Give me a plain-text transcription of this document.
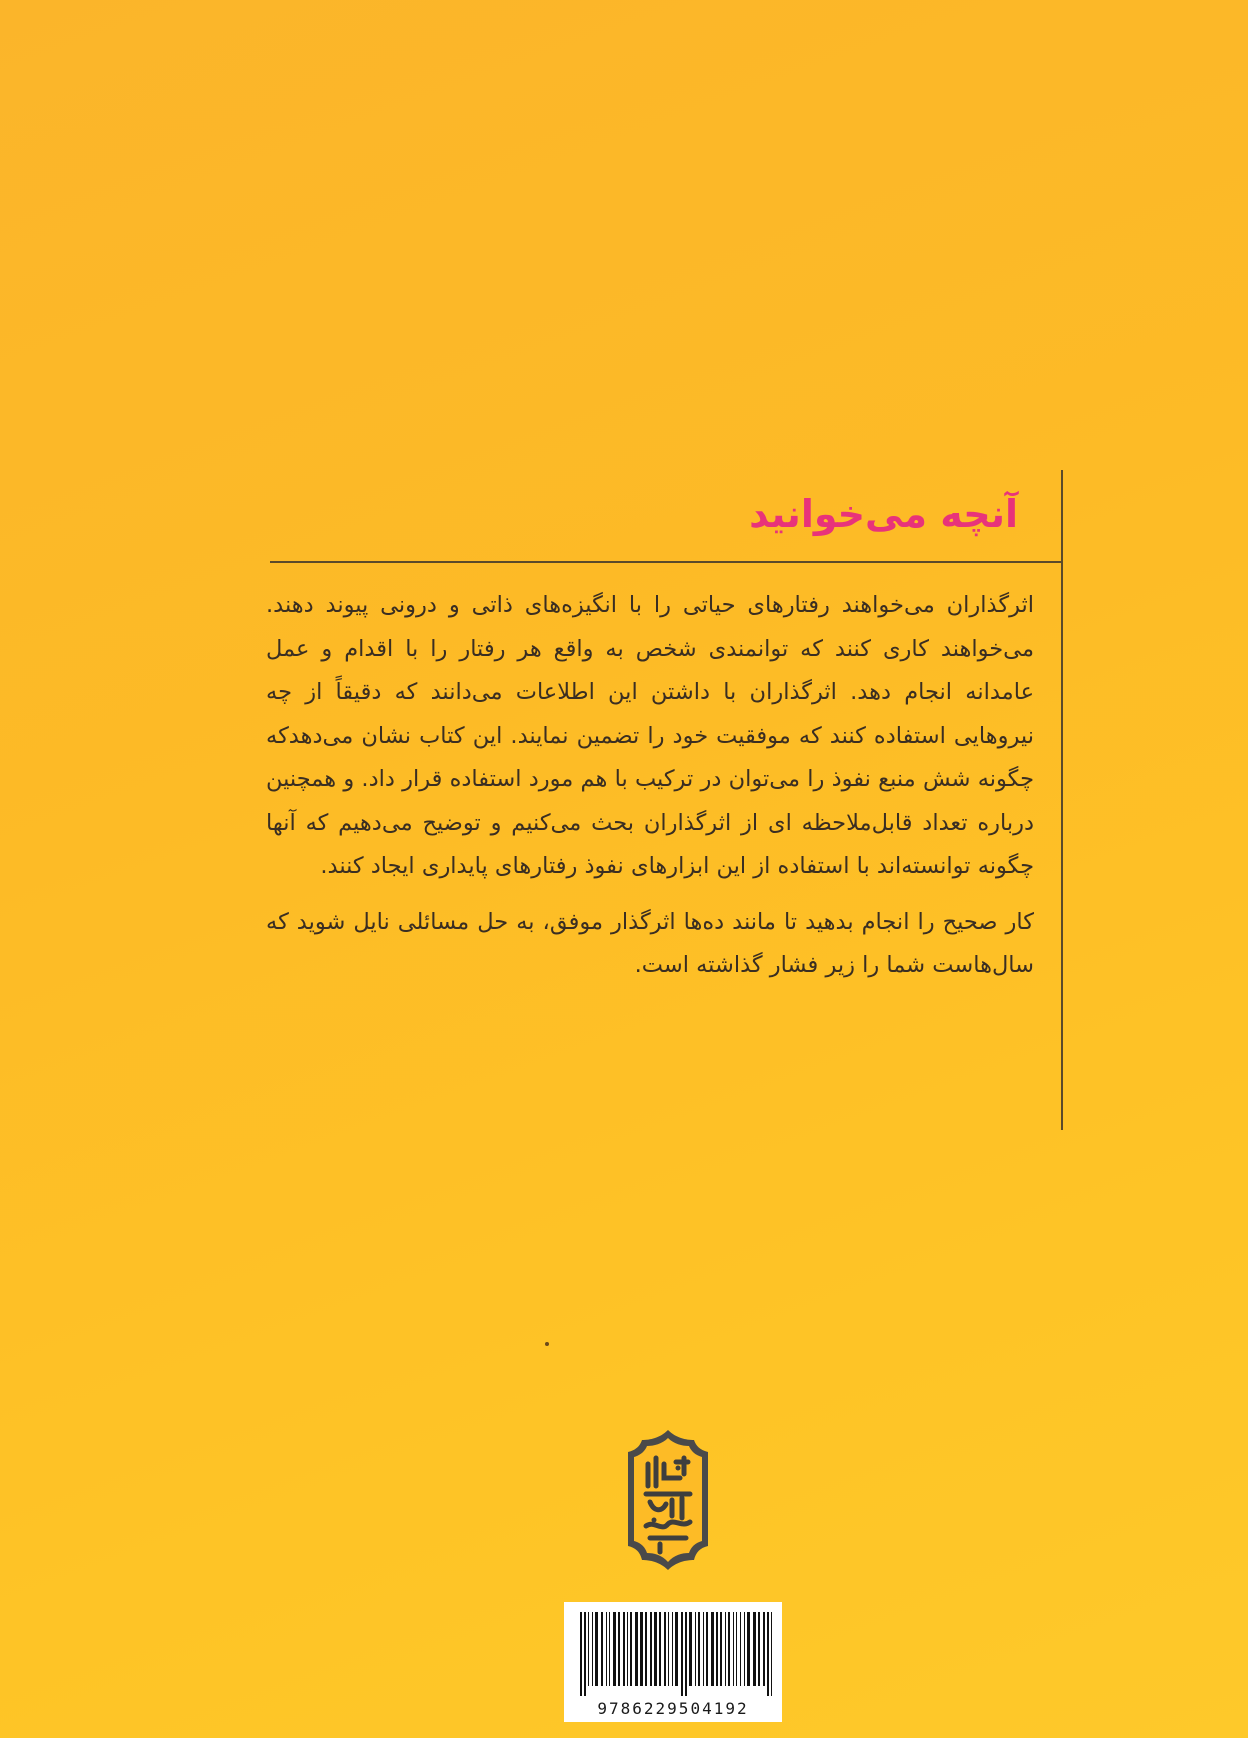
آنچه می‌خوانید

اثرگذاران می‌خواهند رفتارهای حیاتی را با انگیزه‌های ذاتی و درونی پیوند دهند. می‌خواهند کاری کنند که توانمندی شخص به واقع هر رفتار را با اقدام و عمل عامدانه انجام دهد. اثرگذاران با داشتن این اطلاعات می‌دانند که دقیقاً از چه نیروهایی استفاده کنند که موفقیت خود را تضمین نمایند. این کتاب نشان می‌دهدکه چگونه شش منبع نفوذ را می‌توان در ترکیب با هم مورد استفاده قرار داد. و همچنین درباره تعداد قابل‌ملاحظه ای از اثرگذاران بحث می‌کنیم و توضیح می‌دهیم که آنها چگونه توانسته‌اند با استفاده از این ابزارهای نفوذ رفتارهای پایداری ایجاد کنند.

کار صحیح را انجام بدهید تا مانند ده‌ها اثرگذار موفق، به حل مسائلی نایل شوید که سال‌هاست شما را زیر فشار گذاشته است.

9786229504192
